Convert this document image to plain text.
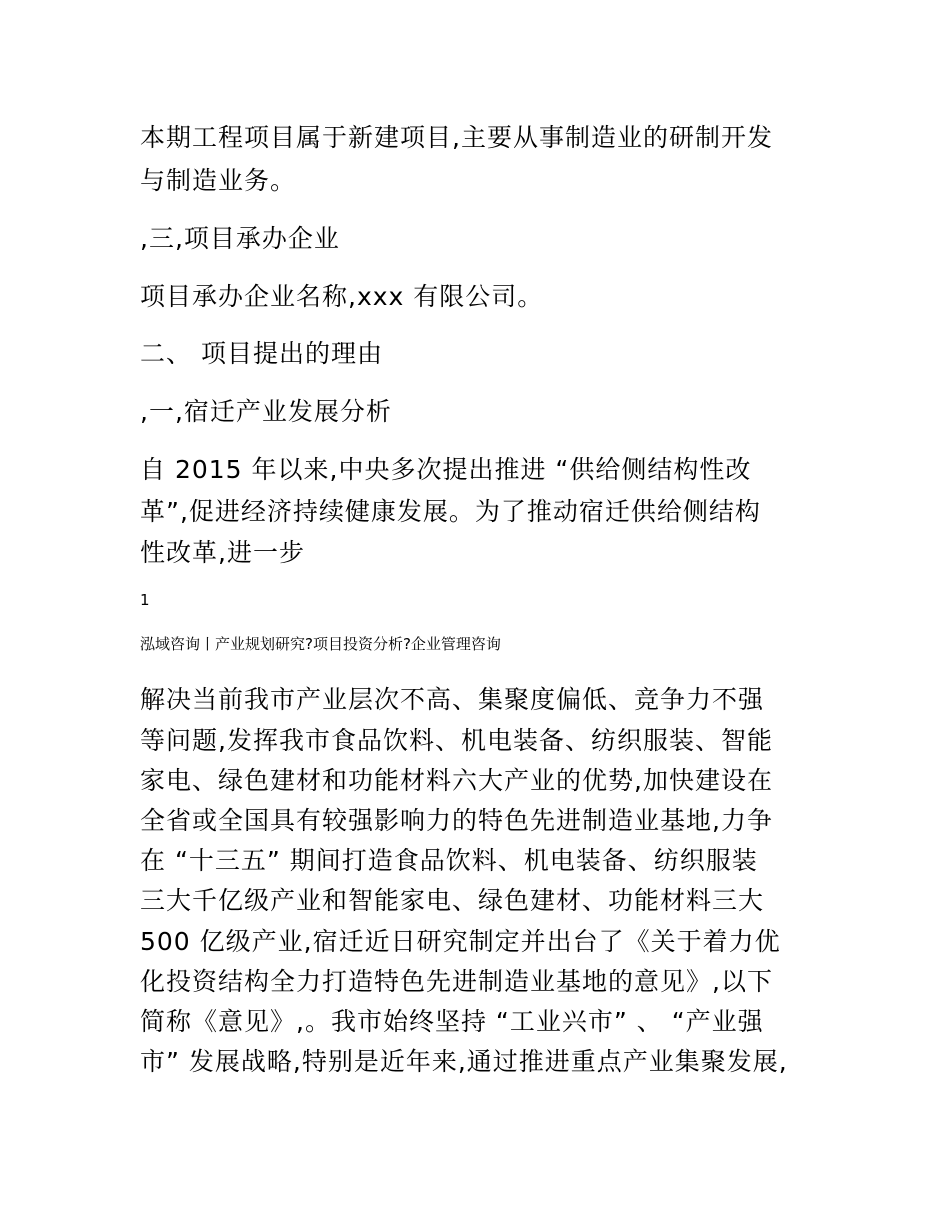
本期工程项目属于新建项目,主要从事制造业的研制开发
与制造业务。
,三,项目承办企业
项目承办企业名称,xxx 有限公司。
二、 项目提出的理由
,一,宿迁产业发展分析
自 2015 年以来,中央多次提出推进 “供给侧结构性改
革”,促进经济持续健康发展。为了推动宿迁供给侧结构
性改革,进一步
1
泓域咨询丨产业规划研究?项目投资分析?企业管理咨询
解决当前我市产业层次不高、集聚度偏低、竞争力不强
等问题,发挥我市食品饮料、机电装备、纺织服装、智能
家电、绿色建材和功能材料六大产业的优势,加快建设在
全省或全国具有较强影响力的特色先进制造业基地,力争
在 “十三五” 期间打造食品饮料、机电装备、纺织服装
三大千亿级产业和智能家电、绿色建材、功能材料三大
500 亿级产业,宿迁近日研究制定并出台了《关于着力优
化投资结构全力打造特色先进制造业基地的意见》,以下
简称《意见》,。我市始终坚持 “工业兴市” 、 “产业强
市” 发展战略,特别是近年来,通过推进重点产业集聚发展,
